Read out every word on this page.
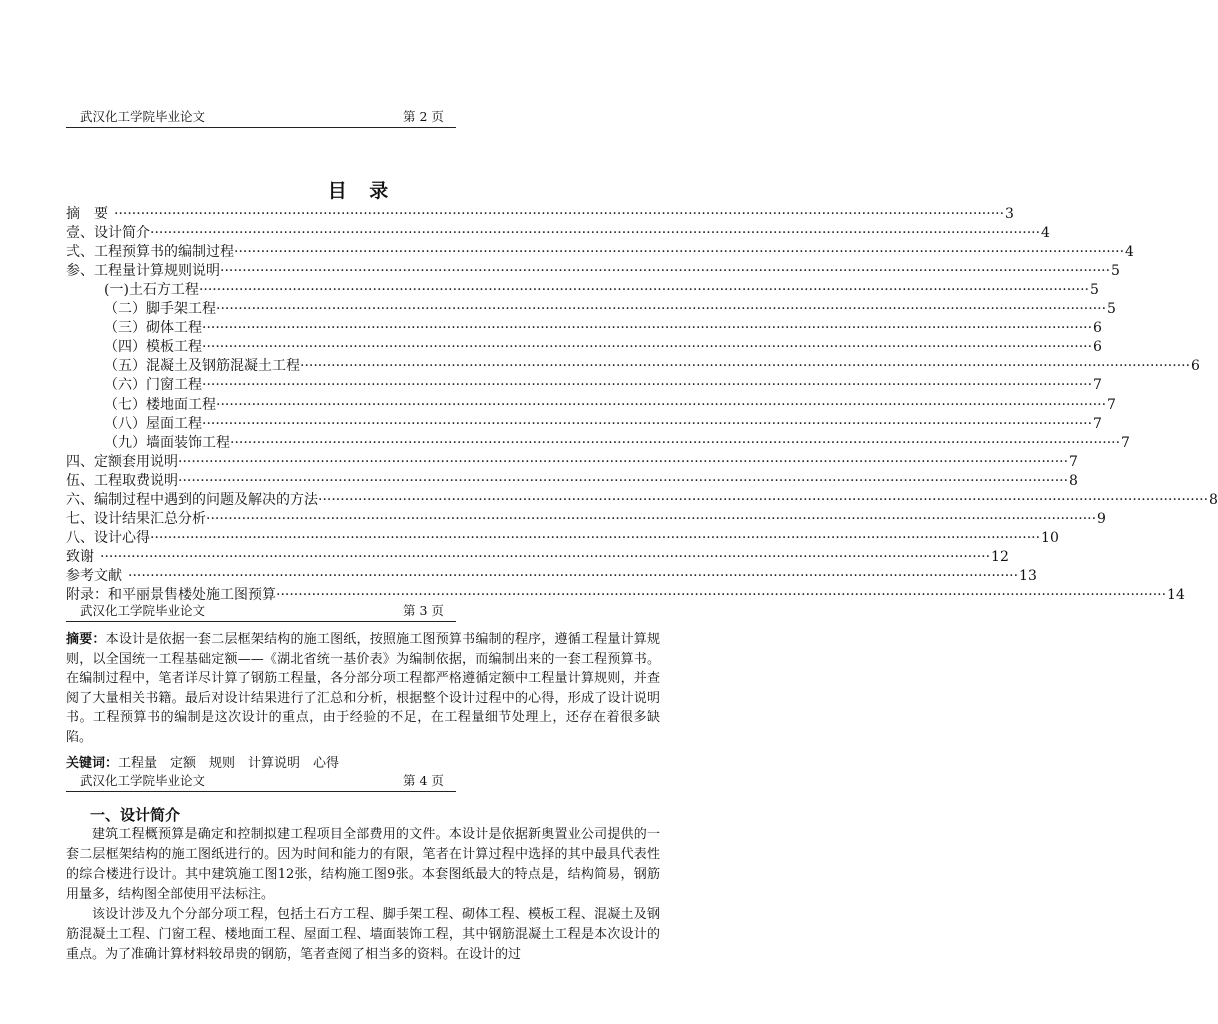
武汉化工学院毕业论文	第 2 页
目 录
摘　要 ········································································································································································································ 3
壹、 设计简介 ········································································································································································································ 4
弍、 工程预算书的编制过程 ········································································································································································································ 4
参、 工程量计算规则说明 ········································································································································································································ 5
(一) 土石方工程 ········································································································································································································ 5
（二） 脚手架工程 ········································································································································································································ 5
（三） 砌体工程 ········································································································································································································ 6
（四） 模板工程 ········································································································································································································ 6
（五） 混凝土及钢筋混凝土工程 ········································································································································································································ 6
（六） 门窗工程 ········································································································································································································ 7
（七） 楼地面工程 ········································································································································································································ 7
（八） 屋面工程 ········································································································································································································ 7
（九） 墙面装饰工程 ········································································································································································································ 7
四、 定额套用说明 ········································································································································································································ 7
伍、 工程取费说明 ········································································································································································································ 8
六、 编制过程中遇到的问题及解决的方法 ········································································································································································································ 8
七、 设计结果汇总分析 ········································································································································································································ 9
八、 设计心得 ········································································································································································································ 10
致谢 ········································································································································································································ 12
参考文献 ········································································································································································································ 13
附录： 和平丽景售楼处施工图预算 ········································································································································································································ 14
武汉化工学院毕业论文	第 3 页
摘要：本设计是依据一套二层框架结构的施工图纸，按照施工图预算书编制的程序，遵循工程量计算规则，以全国统一工程基础定额——《湖北省统一基价表》为编制依据，而编制出来的一套工程预算书。在编制过程中，笔者详尽计算了钢筋工程量，各分部分项工程都严格遵循定额中工程量计算规则，并查阅了大量相关书籍。最后对设计结果进行了汇总和分析，根据整个设计过程中的心得，形成了设计说明书。工程预算书的编制是这次设计的重点，由于经验的不足，在工程量细节处理上，还存在着很多缺陷。
关键词：工程量　定额　规则　计算说明　心得
武汉化工学院毕业论文	第 4 页
一、设计简介
建筑工程概预算是确定和控制拟建工程项目全部费用的文件。本设计是依据新奥置业公司提供的一套二层框架结构的施工图纸进行的。因为时间和能力的有限，笔者在计算过程中选择的其中最具代表性的综合楼进行设计。其中建筑施工图12张，结构施工图9张。本套图纸最大的特点是，结构简易，钢筋用量多，结构图全部使用平法标注。
该设计涉及九个分部分项工程，包括土石方工程、脚手架工程、砌体工程、模板工程、混凝土及钢筋混凝土工程、门窗工程、楼地面工程、屋面工程、墙面装饰工程，其中钢筋混凝土工程是本次设计的重点。为了准确计算材料较昂贵的钢筋，笔者查阅了相当多的资料。在设计的过
